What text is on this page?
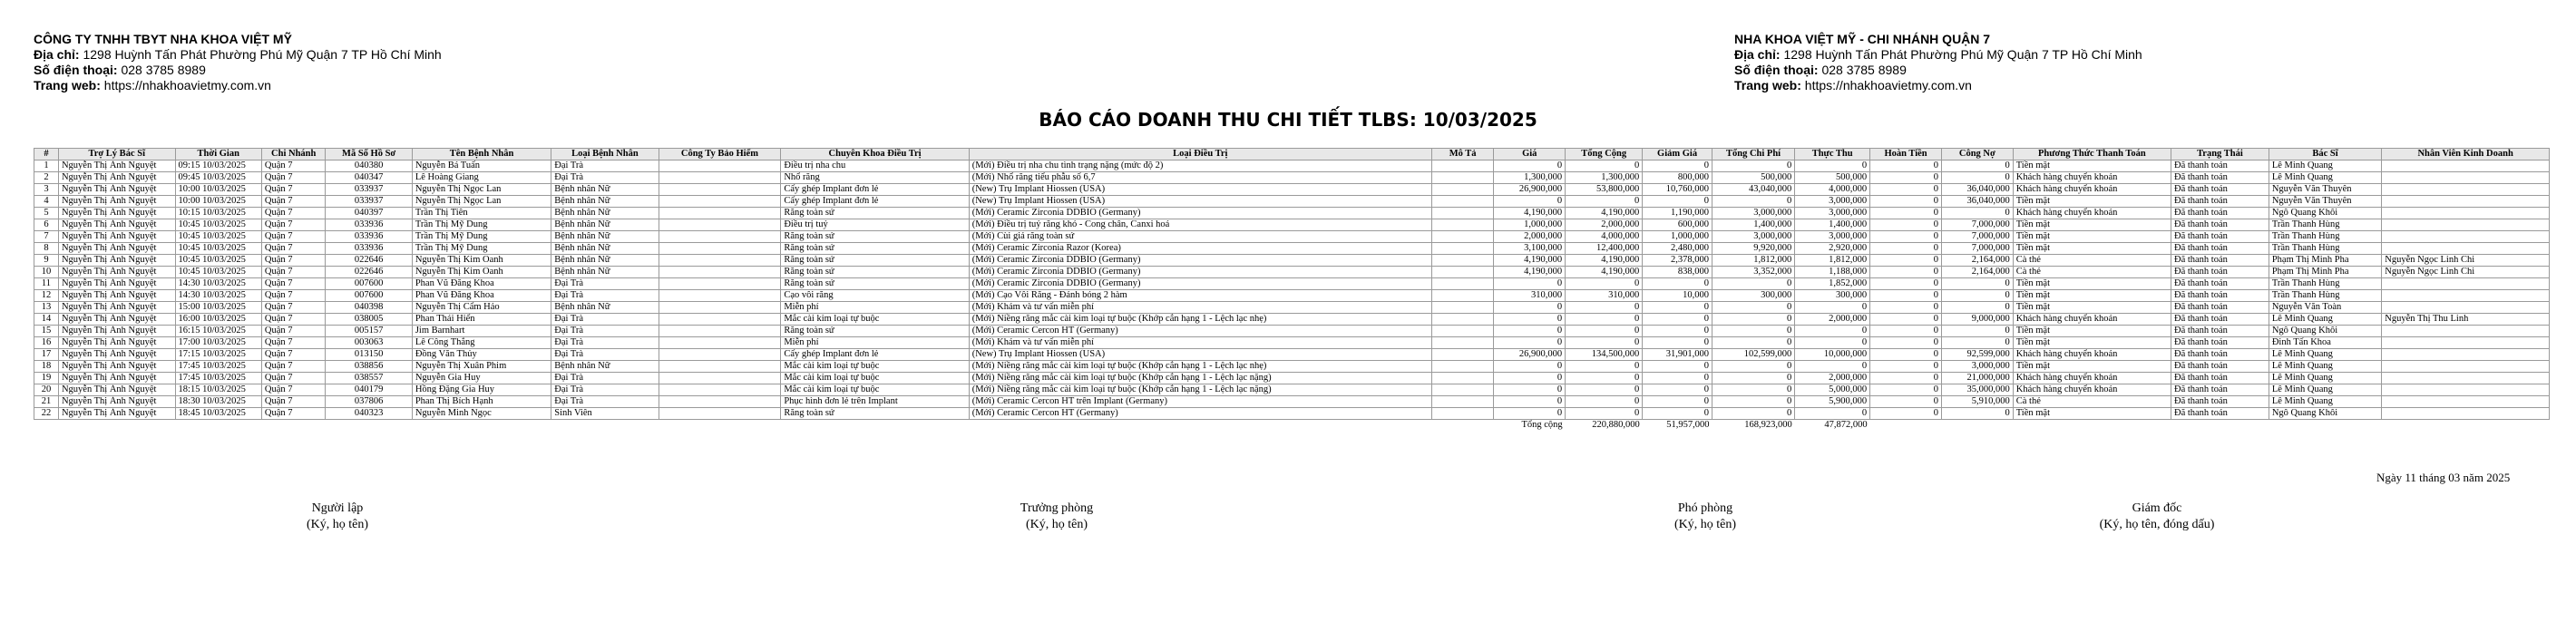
CÔNG TY TNHH TBYT NHA KHOA VIỆT MỸ
Địa chỉ: 1298 Huỳnh Tấn Phát Phường Phú Mỹ Quận 7 TP Hồ Chí Minh
Số điện thoại: 028 3785 8989
Trang web: https://nhakhoavietmy.com.vn
NHA KHOA VIỆT MỸ - CHI NHÁNH QUẬN 7
Địa chỉ: 1298 Huỳnh Tấn Phát Phường Phú Mỹ Quận 7 TP Hồ Chí Minh
Số điện thoại: 028 3785 8989
Trang web: https://nhakhoavietmy.com.vn
BÁO CÁO DOANH THU CHI TIẾT TLBS: 10/03/2025
#	Trợ Lý Bác Sĩ	Thời Gian	Chi Nhánh	Mã Số Hồ Sơ	Tên Bệnh Nhân	Loại Bệnh Nhân	Công Ty Bảo Hiểm	Chuyên Khoa Điều Trị	Loại Điều Trị	Mô Tả	Giá	Tổng Cộng	Giảm Giá	Tổng Chi Phí	Thực Thu	Hoàn Tiền	Công Nợ	Phương Thức Thanh Toán	Trạng Thái	Bác Sĩ	Nhân Viên Kinh Doanh
1	Nguyễn Thị Ánh Nguyệt	09:15 10/03/2025	Quận 7	040380	Nguyễn Bá Tuấn	Đại Trà		Điều trị nha chu	(Mới) Điều trị nha chu tình trạng nặng (mức độ 2)		0	0	0	0	0	0	0	Tiền mặt	Đã thanh toán	Lê Minh Quang	
2	Nguyễn Thị Ánh Nguyệt	09:45 10/03/2025	Quận 7	040347	Lê Hoàng Giang	Đại Trà		Nhổ răng	(Mới) Nhổ răng tiểu phẫu số 6,7		1,300,000	1,300,000	800,000	500,000	500,000	0	0	Khách hàng chuyển khoản	Đã thanh toán	Lê Minh Quang	
3	Nguyễn Thị Ánh Nguyệt	10:00 10/03/2025	Quận 7	033937	Nguyễn Thị Ngọc Lan	Bệnh nhân Nữ		Cấy ghép Implant đơn lẻ	(New) Trụ Implant Hiossen (USA)		26,900,000	53,800,000	10,760,000	43,040,000	4,000,000	0	36,040,000	Khách hàng chuyển khoản	Đã thanh toán	Nguyễn Văn Thuyên	
4	Nguyễn Thị Ánh Nguyệt	10:00 10/03/2025	Quận 7	033937	Nguyễn Thị Ngọc Lan	Bệnh nhân Nữ		Cấy ghép Implant đơn lẻ	(New) Trụ Implant Hiossen (USA)		0	0	0	0	3,000,000	0	36,040,000	Tiền mặt	Đã thanh toán	Nguyễn Văn Thuyên	
5	Nguyễn Thị Ánh Nguyệt	10:15 10/03/2025	Quận 7	040397	Trần Thị Tiên	Bệnh nhân Nữ		Răng toàn sứ	(Mới) Ceramic Zirconia DDBIO (Germany)		4,190,000	4,190,000	1,190,000	3,000,000	3,000,000	0	0	Khách hàng chuyển khoản	Đã thanh toán	Ngô Quang Khôi	
6	Nguyễn Thị Ánh Nguyệt	10:45 10/03/2025	Quận 7	033936	Trần Thị Mỹ Dung	Bệnh nhân Nữ		Điều trị tuỷ	(Mới) Điều trị tuỷ răng khó - Cong chân, Canxi hoá		1,000,000	2,000,000	600,000	1,400,000	1,400,000	0	7,000,000	Tiền mặt	Đã thanh toán	Trần Thanh Hùng	
7	Nguyễn Thị Ánh Nguyệt	10:45 10/03/2025	Quận 7	033936	Trần Thị Mỹ Dung	Bệnh nhân Nữ		Răng toàn sứ	(Mới) Cùi giả răng toàn sứ		2,000,000	4,000,000	1,000,000	3,000,000	3,000,000	0	7,000,000	Tiền mặt	Đã thanh toán	Trần Thanh Hùng	
8	Nguyễn Thị Ánh Nguyệt	10:45 10/03/2025	Quận 7	033936	Trần Thị Mỹ Dung	Bệnh nhân Nữ		Răng toàn sứ	(Mới) Ceramic Zirconia Razor (Korea)		3,100,000	12,400,000	2,480,000	9,920,000	2,920,000	0	7,000,000	Tiền mặt	Đã thanh toán	Trần Thanh Hùng	
9	Nguyễn Thị Ánh Nguyệt	10:45 10/03/2025	Quận 7	022646	Nguyễn Thị Kim Oanh	Bệnh nhân Nữ		Răng toàn sứ	(Mới) Ceramic Zirconia DDBIO (Germany)		4,190,000	4,190,000	2,378,000	1,812,000	1,812,000	0	2,164,000	Cà thẻ	Đã thanh toán	Phạm Thị Minh Pha	Nguyễn Ngọc Linh Chi
10	Nguyễn Thị Ánh Nguyệt	10:45 10/03/2025	Quận 7	022646	Nguyễn Thị Kim Oanh	Bệnh nhân Nữ		Răng toàn sứ	(Mới) Ceramic Zirconia DDBIO (Germany)		4,190,000	4,190,000	838,000	3,352,000	1,188,000	0	2,164,000	Cà thẻ	Đã thanh toán	Phạm Thị Minh Pha	Nguyễn Ngọc Linh Chi
11	Nguyễn Thị Ánh Nguyệt	14:30 10/03/2025	Quận 7	007600	Phan Vũ Đăng Khoa	Đại Trà		Răng toàn sứ	(Mới) Ceramic Zirconia DDBIO (Germany)		0	0	0	0	1,852,000	0	0	Tiền mặt	Đã thanh toán	Trần Thanh Hùng	
12	Nguyễn Thị Ánh Nguyệt	14:30 10/03/2025	Quận 7	007600	Phan Vũ Đăng Khoa	Đại Trà		Cạo vôi răng	(Mới) Cạo Vôi Răng - Đánh bóng 2 hàm		310,000	310,000	10,000	300,000	300,000	0	0	Tiền mặt	Đã thanh toán	Trần Thanh Hùng	
13	Nguyễn Thị Ánh Nguyệt	15:00 10/03/2025	Quận 7	040398	Nguyễn Thị Cẩm Hảo	Bệnh nhân Nữ		Miễn phí	(Mới) Khám và tư vấn miễn phí		0	0	0	0	0	0	0	Tiền mặt	Đã thanh toán	Nguyễn Văn Toàn	
14	Nguyễn Thị Ánh Nguyệt	16:00 10/03/2025	Quận 7	038005	Phan Thái Hiển	Đại Trà		Mắc cài kim loại tự buộc	(Mới) Niềng răng mắc cài kim loại tự buộc (Khớp cắn hạng 1 - Lệch lạc nhẹ)		0	0	0	0	2,000,000	0	9,000,000	Khách hàng chuyển khoản	Đã thanh toán	Lê Minh Quang	Nguyễn Thị Thu Linh
15	Nguyễn Thị Ánh Nguyệt	16:15 10/03/2025	Quận 7	005157	Jim Barnhart	Đại Trà		Răng toàn sứ	(Mới) Ceramic Cercon HT (Germany)		0	0	0	0	0	0	0	Tiền mặt	Đã thanh toán	Ngô Quang Khôi	
16	Nguyễn Thị Ánh Nguyệt	17:00 10/03/2025	Quận 7	003063	Lê Công Thắng	Đại Trà		Miễn phí	(Mới) Khám và tư vấn miễn phí		0	0	0	0	0	0	0	Tiền mặt	Đã thanh toán	Đinh Tấn Khoa	
17	Nguyễn Thị Ánh Nguyệt	17:15 10/03/2025	Quận 7	013150	Đồng Văn Thủy	Đại Trà		Cấy ghép Implant đơn lẻ	(New) Trụ Implant Hiossen (USA)		26,900,000	134,500,000	31,901,000	102,599,000	10,000,000	0	92,599,000	Khách hàng chuyển khoản	Đã thanh toán	Lê Minh Quang	
18	Nguyễn Thị Ánh Nguyệt	17:45 10/03/2025	Quận 7	038856	Nguyễn Thị Xuân Phim	Bệnh nhân Nữ		Mắc cài kim loại tự buộc	(Mới) Niềng răng mắc cài kim loại tự buộc (Khớp cắn hạng 1 - Lệch lạc nhẹ)		0	0	0	0	0	0	3,000,000	Tiền mặt	Đã thanh toán	Lê Minh Quang	
19	Nguyễn Thị Ánh Nguyệt	17:45 10/03/2025	Quận 7	038557	Nguyễn Gia Huy	Đại Trà		Mắc cài kim loại tự buộc	(Mới) Niềng răng mắc cài kim loại tự buộc (Khớp cắn hạng 1 - Lệch lạc nặng)		0	0	0	0	2,000,000	0	21,000,000	Khách hàng chuyển khoản	Đã thanh toán	Lê Minh Quang	
20	Nguyễn Thị Ánh Nguyệt	18:15 10/03/2025	Quận 7	040179	Hồng Đặng Gia Huy	Đại Trà		Mắc cài kim loại tự buộc	(Mới) Niềng răng mắc cài kim loại tự buộc (Khớp cắn hạng 1 - Lệch lạc nặng)		0	0	0	0	5,000,000	0	35,000,000	Khách hàng chuyển khoản	Đã thanh toán	Lê Minh Quang	
21	Nguyễn Thị Ánh Nguyệt	18:30 10/03/2025	Quận 7	037806	Phan Thị Bích Hạnh	Đại Trà		Phục hình đơn lẻ trên Implant	(Mới) Ceramic Cercon HT trên Implant (Germany)		0	0	0	0	5,900,000	0	5,910,000	Cà thẻ	Đã thanh toán	Lê Minh Quang	
22	Nguyễn Thị Ánh Nguyệt	18:45 10/03/2025	Quận 7	040323	Nguyễn Minh Ngọc	Sinh Viên		Răng toàn sứ	(Mới) Ceramic Cercon HT (Germany)		0	0	0	0	0	0	0	Tiền mặt	Đã thanh toán	Ngô Quang Khôi	
											Tổng cộng	220,880,000	51,957,000	168,923,000	47,872,000						
Ngày 11 tháng 03 năm 2025
Người lập
(Ký, họ tên)
Trưởng phòng
(Ký, họ tên)
Phó phòng
(Ký, họ tên)
Giám đốc
(Ký, họ tên, đóng dấu)
